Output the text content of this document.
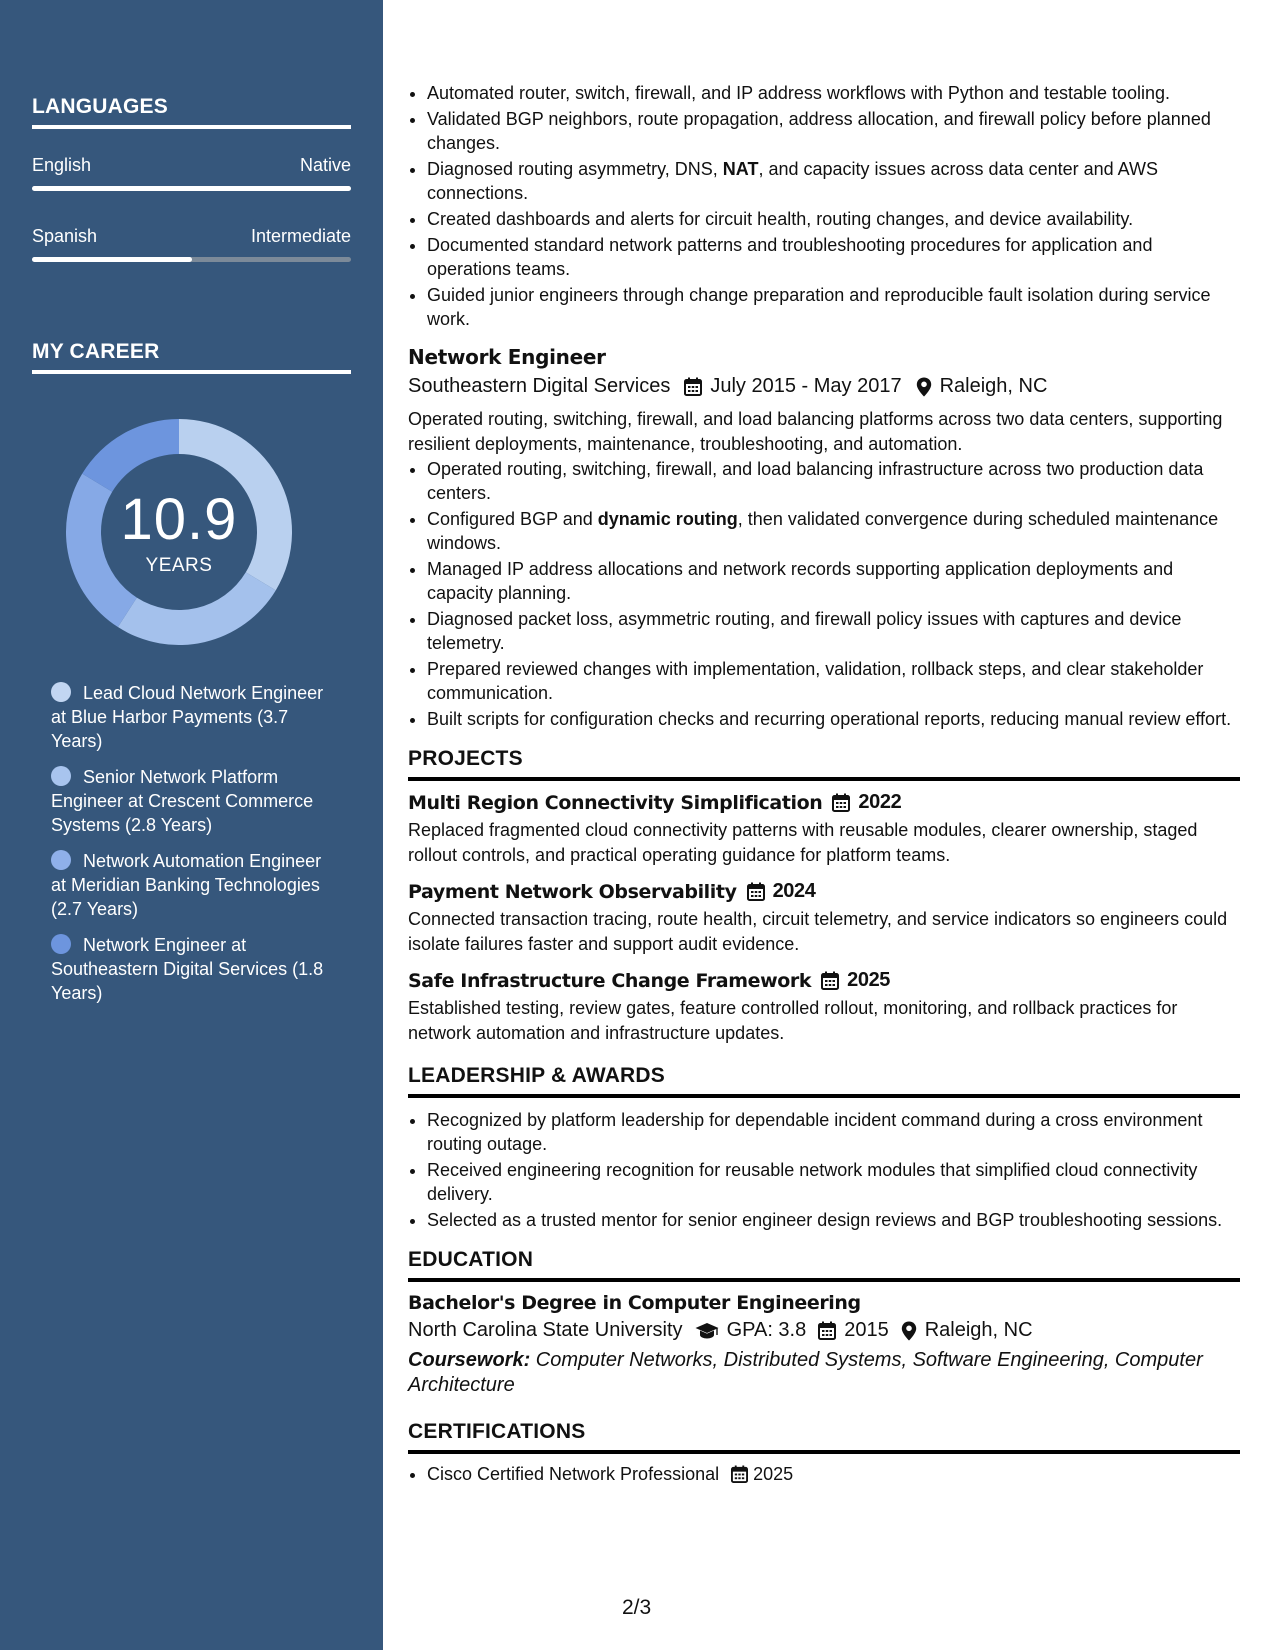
LANGUAGES
English	Native
Spanish	Intermediate
MY CAREER
10.9
YEARS
Lead Cloud Network Engineer at Blue Harbor Payments (3.7 Years)
Senior Network Platform Engineer at Crescent Commerce Systems (2.8 Years)
Network Automation Engineer at Meridian Banking Technologies (2.7 Years)
Network Engineer at Southeastern Digital Services (1.8 Years)
• Automated router, switch, firewall, and IP address workflows with Python and testable tooling.
• Validated BGP neighbors, route propagation, address allocation, and firewall policy before planned changes.
• Diagnosed routing asymmetry, DNS, NAT, and capacity issues across data center and AWS connections.
• Created dashboards and alerts for circuit health, routing changes, and device availability.
• Documented standard network patterns and troubleshooting procedures for application and operations teams.
• Guided junior engineers through change preparation and reproducible fault isolation during service work.
Network Engineer
Southeastern Digital Services July 2015 - May 2017 Raleigh, NC

Operated routing, switching, firewall, and load balancing platforms across two data centers, supporting resilient deployments, maintenance, troubleshooting, and automation.

• Operated routing, switching, firewall, and load balancing infrastructure across two production data centers.
• Configured BGP and dynamic routing, then validated convergence during scheduled maintenance windows.
• Managed IP address allocations and network records supporting application deployments and capacity planning.
• Diagnosed packet loss, asymmetric routing, and firewall policy issues with captures and device telemetry.
• Prepared reviewed changes with implementation, validation, rollback steps, and clear stakeholder communication.
• Built scripts for configuration checks and recurring operational reports, reducing manual review effort.
PROJECTS
Multi Region Connectivity Simplification 2022

Replaced fragmented cloud connectivity patterns with reusable modules, clearer ownership, staged rollout controls, and practical operating guidance for platform teams.

Payment Network Observability 2024

Connected transaction tracing, route health, circuit telemetry, and service indicators so engineers could isolate failures faster and support audit evidence.

Safe Infrastructure Change Framework 2025

Established testing, review gates, feature controlled rollout, monitoring, and rollback practices for network automation and infrastructure updates.

LEADERSHIP & AWARDS
• Recognized by platform leadership for dependable incident command during a cross environment routing outage.
• Received engineering recognition for reusable network modules that simplified cloud connectivity delivery.
• Selected as a trusted mentor for senior engineer design reviews and BGP troubleshooting sessions.
EDUCATION
Bachelor's Degree in Computer Engineering
North Carolina State University GPA: 3.8 2015 Raleigh, NC

Coursework: Computer Networks, Distributed Systems, Software Engineering, Computer Architecture

CERTIFICATIONS
• Cisco Certified Network Professional 2025
2/3
